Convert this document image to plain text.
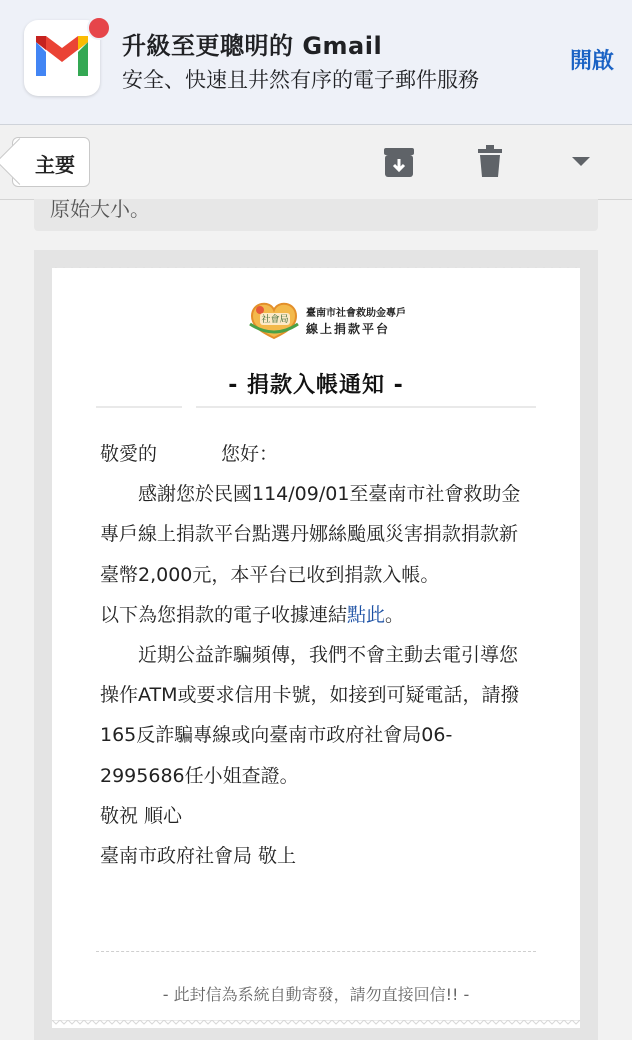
升級至更聰明的 Gmail
安全、快速且井然有序的電子郵件服務
開啟
主要
原始大小。
社會局
臺南市社會救助金專戶
線上捐款平台
- 捐款入帳通知 -

敬愛的	您好：

感謝您於民國114/09/01至臺南市社會救助金專戶線上捐款平台點選丹娜絲颱風災害捐款捐款新臺幣2,000元，本平台已收到捐款入帳。

以下為您捐款的電子收據連結點此。

近期公益詐騙頻傳，我們不會主動去電引導您操作ATM或要求信用卡號，如接到可疑電話，請撥165反詐騙專線或向臺南市政府社會局06-2995686任小姐查證。

敬祝 順心

臺南市政府社會局 敬上

- 此封信為系統自動寄發，請勿直接回信!! -
